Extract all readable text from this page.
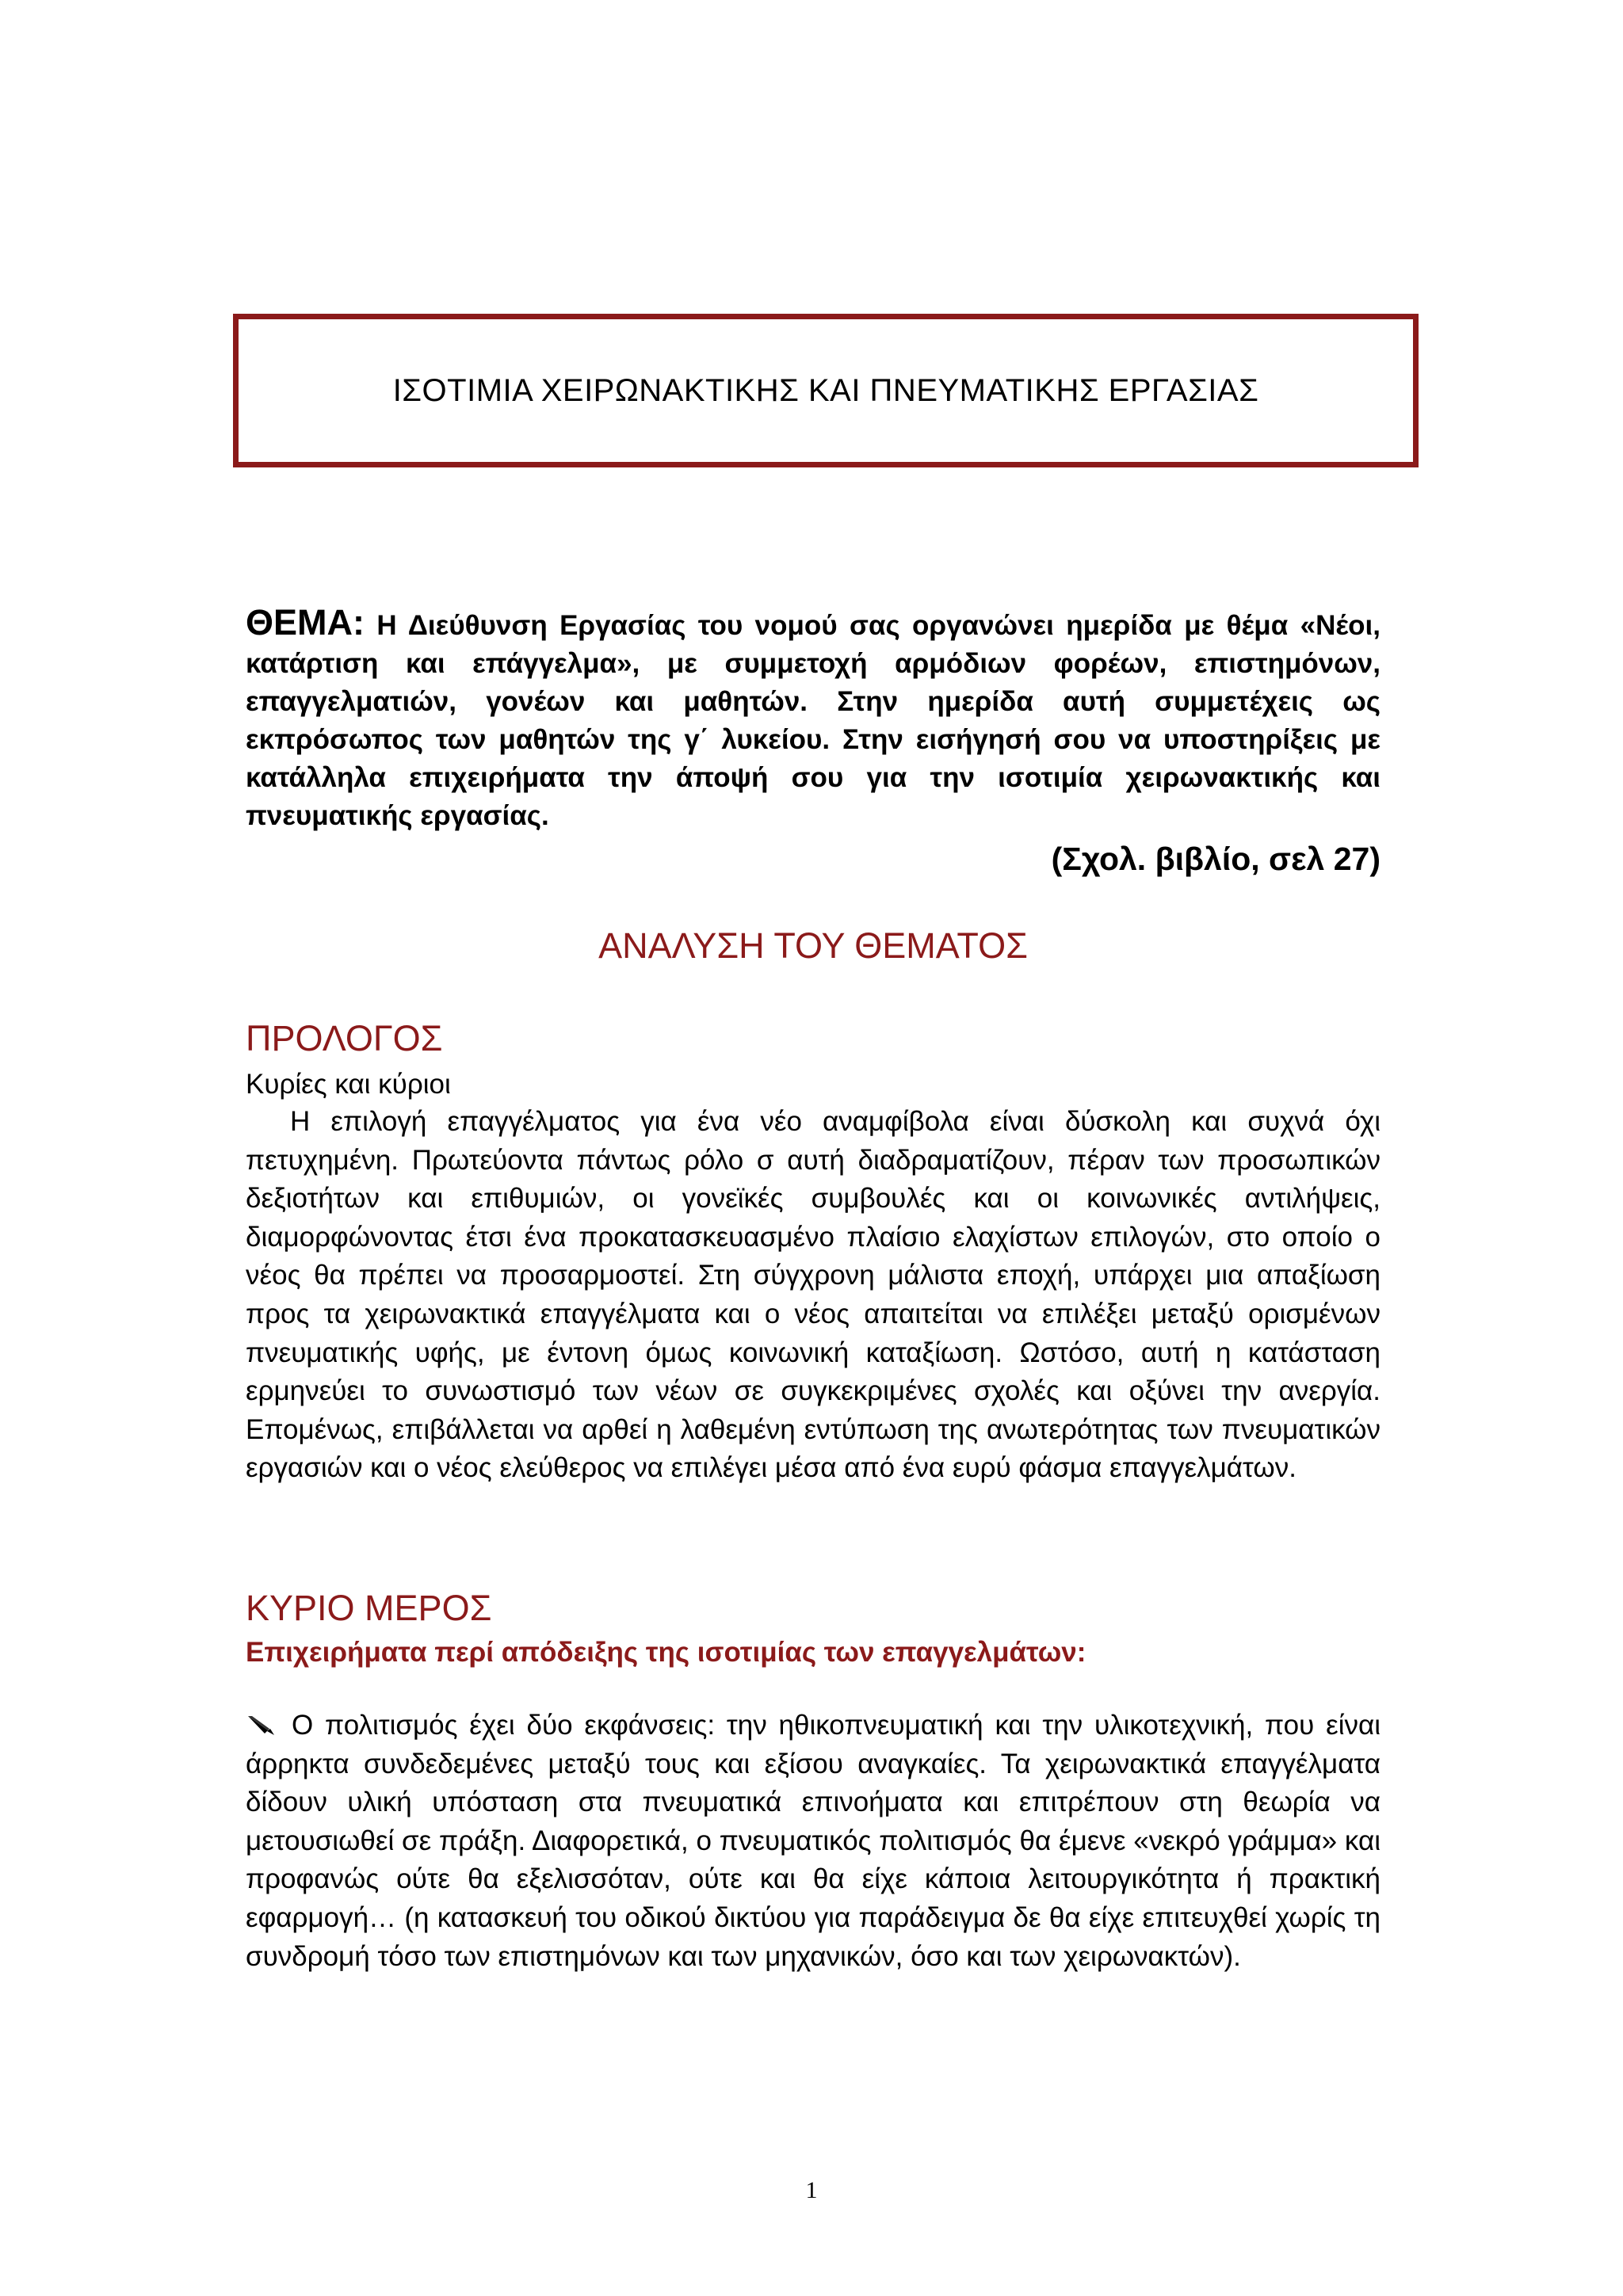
ΙΣΟΤΙΜΙΑ ΧΕΙΡΩΝΑΚΤΙΚΗΣ ΚΑΙ ΠΝΕΥΜΑΤΙΚΗΣ ΕΡΓΑΣΙΑΣ
ΘΕΜΑ: Η Διεύθυνση Εργασίας του νομού σας οργανώνει ημερίδα με θέμα «Νέοι, κατάρτιση και επάγγελμα», με συμμετοχή αρμόδιων φορέων, επιστημόνων, επαγγελματιών, γονέων και μαθητών. Στην ημερίδα αυτή συμμετέχεις ως εκπρόσωπος των μαθητών της γ΄ λυκείου. Στην εισήγησή σου να υποστηρίξεις με κατάλληλα επιχειρήματα την άποψή σου για την ισοτιμία χειρωνακτικής και πνευματικής εργασίας.
(Σχολ. βιβλίο, σελ 27)
ΑΝΑΛΥΣΗ ΤΟΥ ΘΕΜΑΤΟΣ
ΠΡΟΛΟΓΟΣ
Κυρίες και κύριοι

Η επιλογή επαγγέλματος για ένα νέο αναμφίβολα είναι δύσκολη και συχνά όχι πετυχημένη. Πρωτεύοντα πάντως ρόλο σ αυτή διαδραματίζουν, πέραν των προσωπικών δεξιοτήτων και επιθυμιών, οι γονεϊκές συμβουλές και οι κοινωνικές αντιλήψεις, διαμορφώνοντας έτσι ένα προκατασκευασμένο πλαίσιο ελαχίστων επιλογών, στο οποίο ο νέος θα πρέπει να προσαρμοστεί. Στη σύγχρονη μάλιστα εποχή, υπάρχει μια απαξίωση προς τα χειρωνακτικά επαγγέλματα και ο νέος απαιτείται να επιλέξει μεταξύ ορισμένων πνευματικής υφής, με έντονη όμως κοινωνική καταξίωση. Ωστόσο, αυτή η κατάσταση ερμηνεύει το συνωστισμό των νέων σε συγκεκριμένες σχολές και οξύνει την ανεργία. Επομένως, επιβάλλεται να αρθεί η λαθεμένη εντύπωση της ανωτερότητας των πνευματικών εργασιών και ο νέος ελεύθερος να επιλέγει μέσα από ένα ευρύ φάσμα επαγγελμάτων.

ΚΥΡΙΟ ΜΕΡΟΣ

Επιχειρήματα περί απόδειξης της ισοτιμίας των επαγγελμάτων:

Ο πολιτισμός έχει δύο εκφάνσεις: την ηθικοπνευματική και την υλικοτεχνική, που είναι άρρηκτα συνδεδεμένες μεταξύ τους και εξίσου αναγκαίες. Τα χειρωνακτικά επαγγέλματα δίδουν υλική υπόσταση στα πνευματικά επινοήματα και επιτρέπουν στη θεωρία να μετουσιωθεί σε πράξη. Διαφορετικά, ο πνευματικός πολιτισμός θα έμενε «νεκρό γράμμα» και προφανώς ούτε θα εξελισσόταν, ούτε και θα είχε κάποια λειτουργικότητα ή πρακτική εφαρμογή… (η κατασκευή του οδικού δικτύου για παράδειγμα δε θα είχε επιτευχθεί χωρίς τη συνδρομή τόσο των επιστημόνων και των μηχανικών, όσο και των χειρωνακτών).

1
